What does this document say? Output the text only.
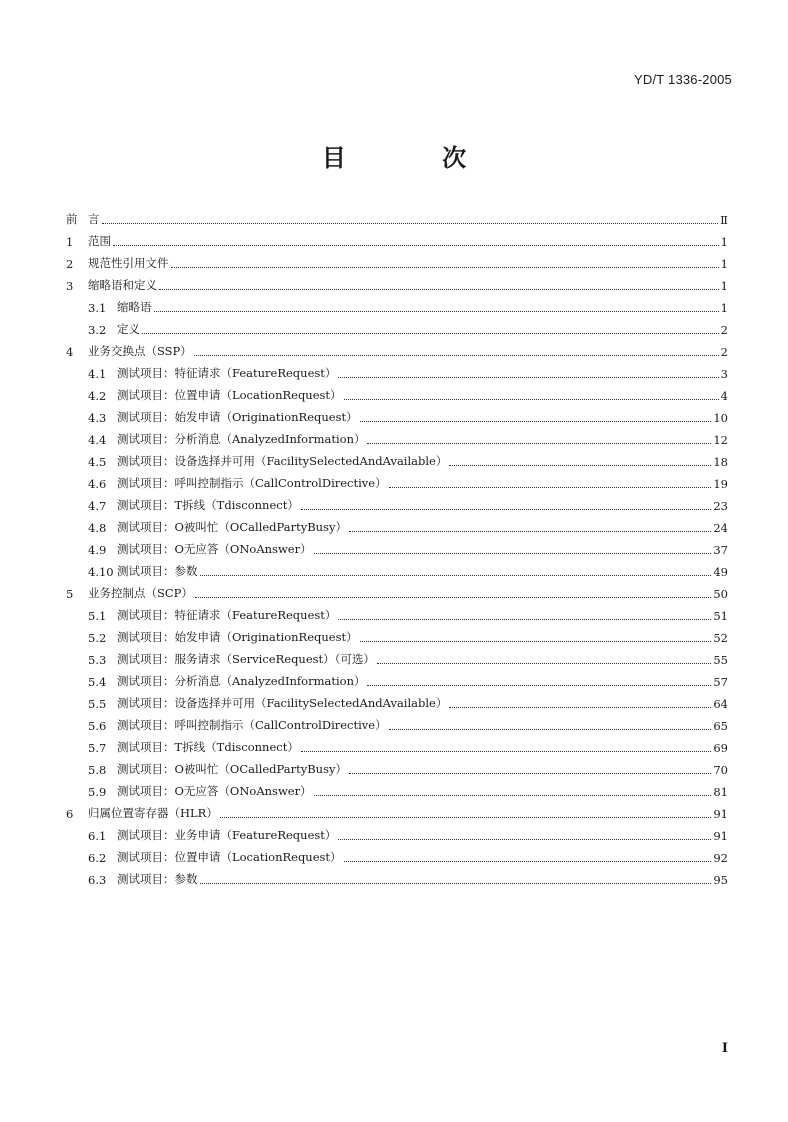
YD/T 1336-2005
目 次
前 言	Ⅱ
1	范围	1
2	规范性引用文件	1
3	缩略语和定义	1
3.1 缩略语	1
3.2 定义	2
4	业务交换点（SSP）	2
4.1 测试项目：特征请求（FeatureRequest）	3
4.2 测试项目：位置申请（LocationRequest）	4
4.3 测试项目：始发申请（OriginationRequest）	10
4.4 测试项目：分析消息（AnalyzedInformation）	12
4.5 测试项目：设备选择并可用（FacilitySelectedAndAvailable）	18
4.6 测试项目：呼叫控制指示（CallControlDirective）	19
4.7 测试项目：T拆线（Tdisconnect）	23
4.8 测试项目：O被叫忙（OCalledPartyBusy）	24
4.9 测试项目：O无应答（ONoAnswer）	37
4.10 测试项目：参数	49
5	业务控制点（SCP）	50
5.1 测试项目：特征请求（FeatureRequest）	51
5.2 测试项目：始发申请（OriginationRequest）	52
5.3 测试项目：服务请求（ServiceRequest）（可选）	55
5.4 测试项目：分析消息（AnalyzedInformation）	57
5.5 测试项目：设备选择并可用（FacilitySelectedAndAvailable）	64
5.6 测试项目：呼叫控制指示（CallControlDirective）	65
5.7 测试项目：T拆线（Tdisconnect）	69
5.8 测试项目：O被叫忙（OCalledPartyBusy）	70
5.9 测试项目：O无应答（ONoAnswer）	81
6	归属位置寄存器（HLR）	91
6.1 测试项目：业务申请（FeatureRequest）	91
6.2 测试项目：位置申请（LocationRequest）	92
6.3 测试项目：参数	95
I
